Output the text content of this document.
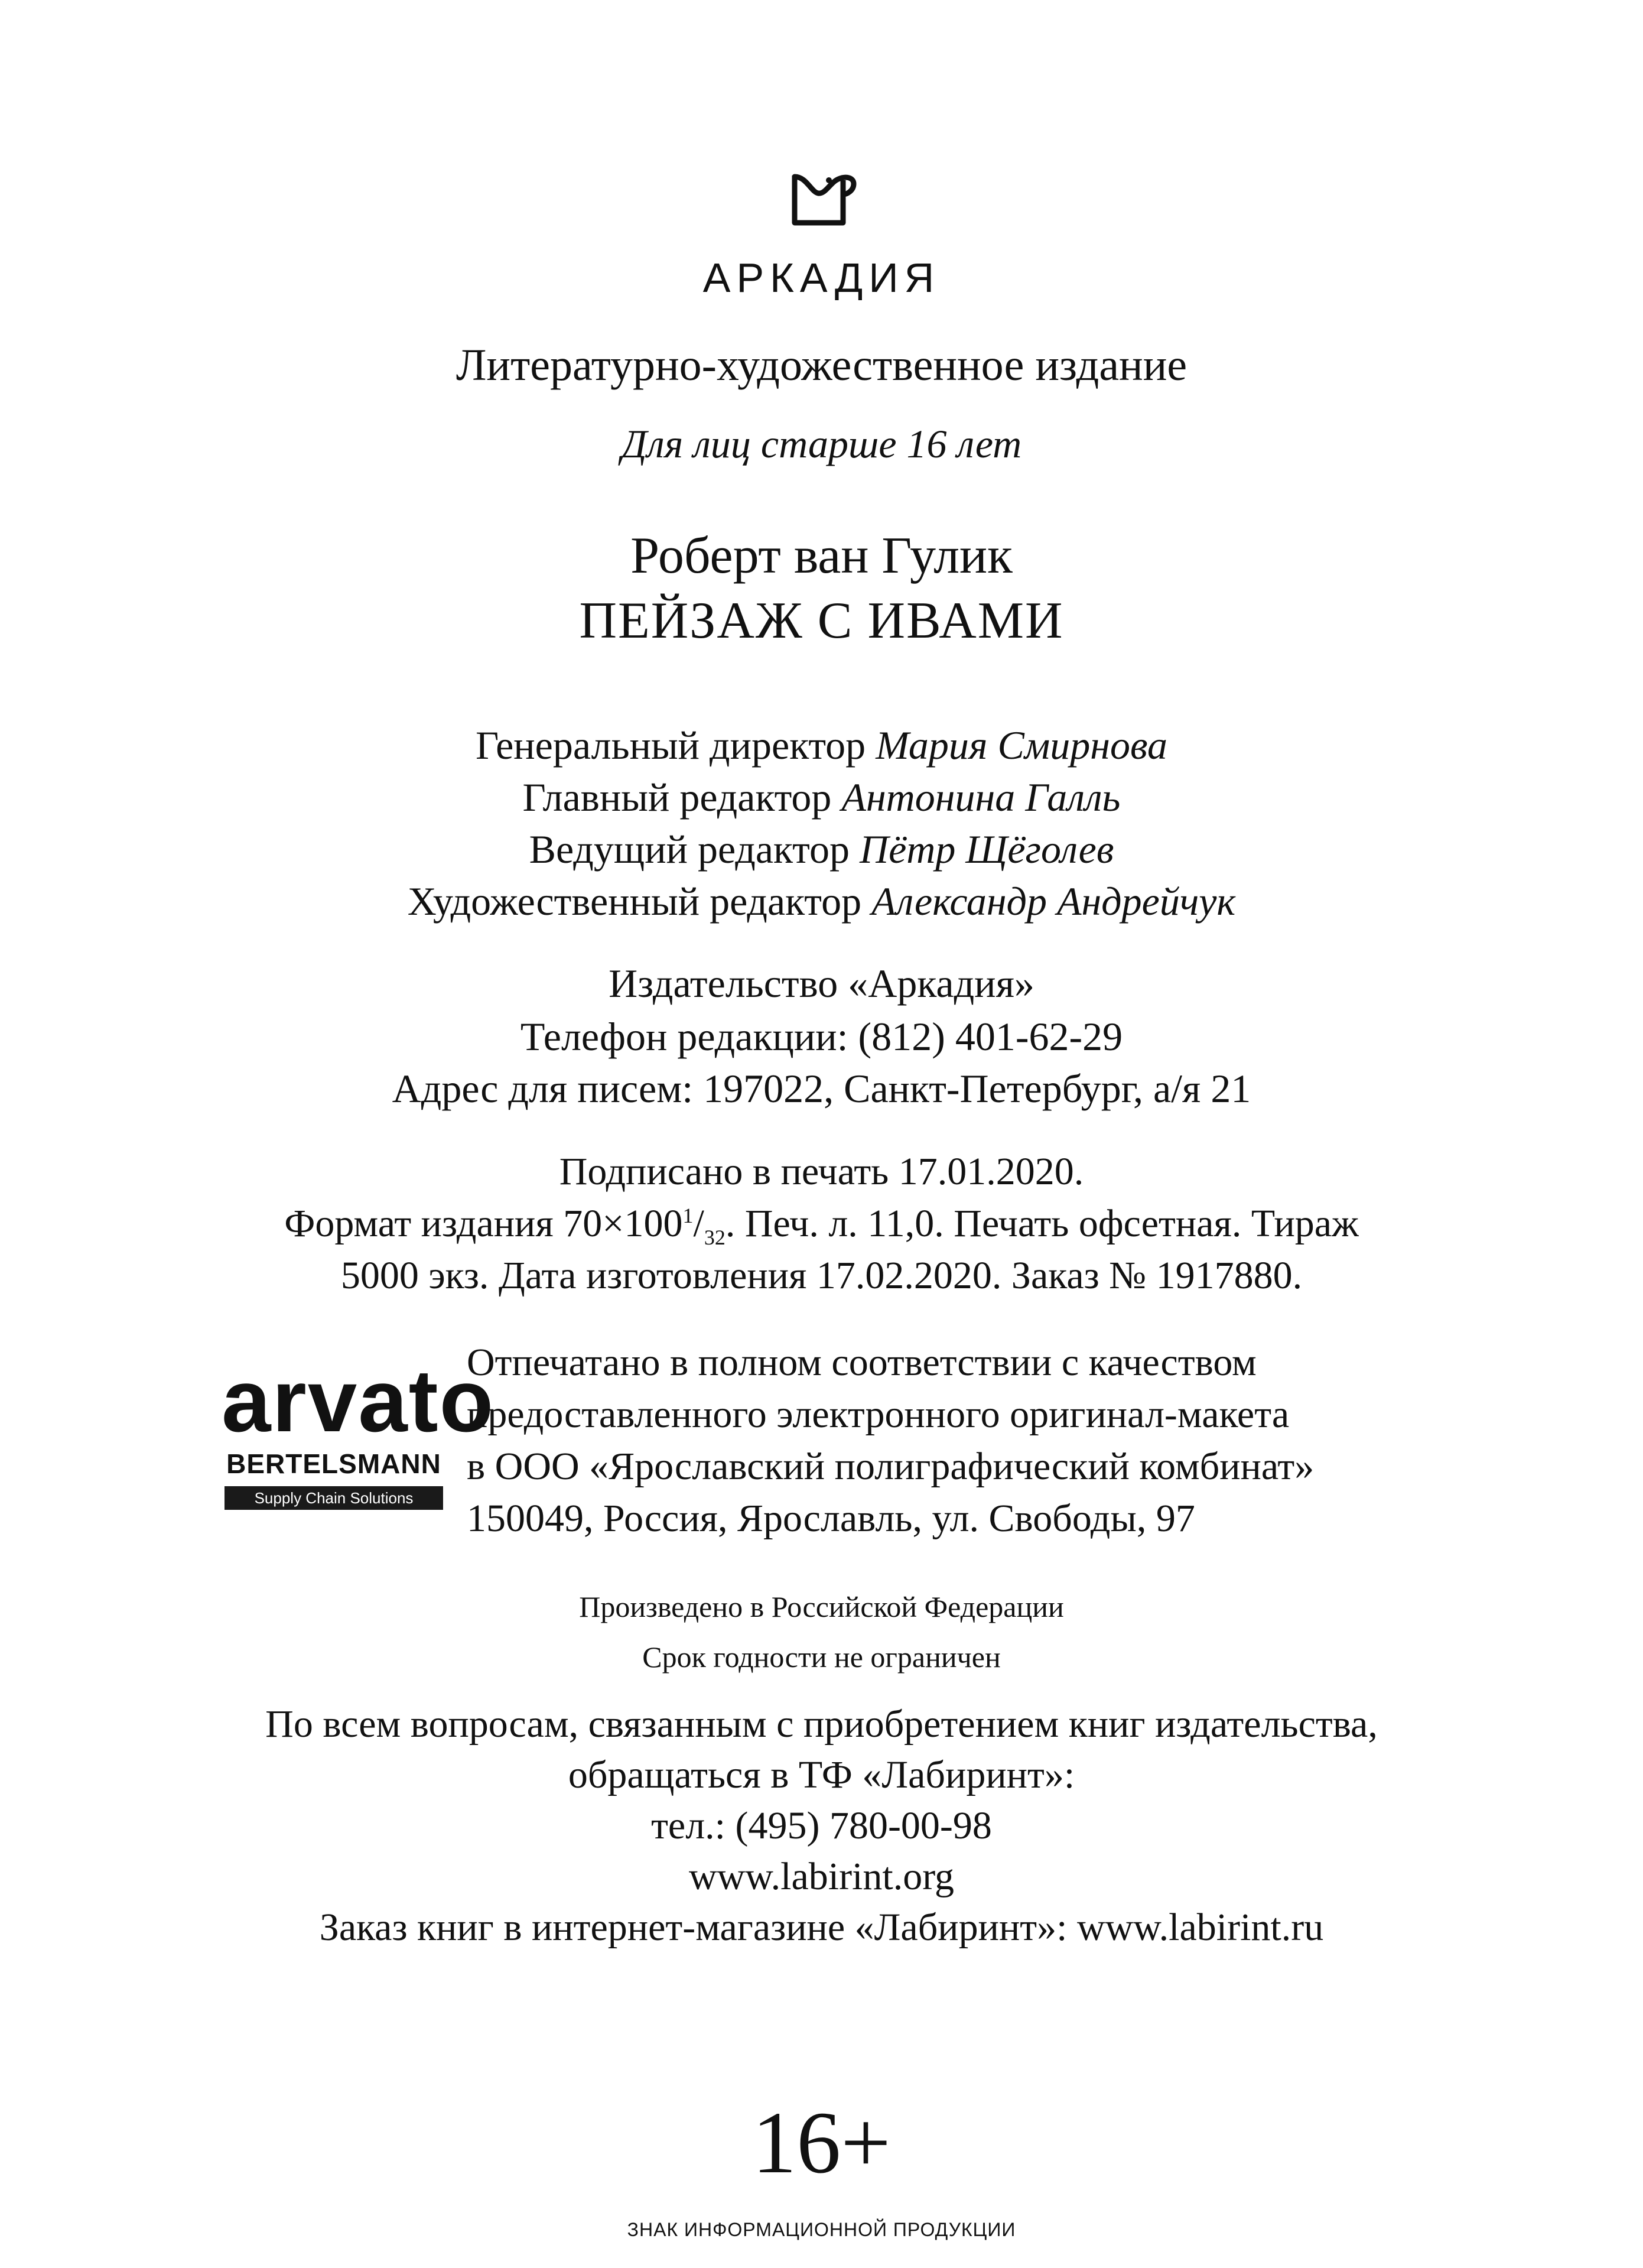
АРКАДИЯ
Литературно-художественное издание
Для лиц старше 16 лет
Роберт ван Гулик
ПЕЙЗАЖ С ИВАМИ
Генеральный директор Мария Смирнова
Главный редактор Антонина Галль
Ведущий редактор Пётр Щёголев
Художественный редактор Александр Андрейчук
Издательство «Аркадия»
Телефон редакции: (812) 401-62-29
Адрес для писем: 197022, Санкт-Петербург, а/я 21
Подписано в печать 17.01.2020.
Формат издания $70\times 100^1/_{32}$. Печ. л. 11,0. Печать офсетная. Тираж
5000 экз. Дата изготовления 17.02.2020. Заказ № 1917880.
arvato
BERTELSMANN
Supply Chain Solutions
Отпечатано в полном соответствии с качеством
предоставленного электронного оригинал-макета
в ООО «Ярославский полиграфический комбинат»
150049, Россия, Ярославль, ул. Свободы, 97
Произведено в Российской Федерации
Срок годности не ограничен
По всем вопросам, связанным с приобретением книг издательства,
обращаться в ТФ «Лабиринт»:
тел.: (495) 780-00-98
www.labirint.org
Заказ книг в интернет-магазине «Лабиринт»: www.labirint.ru
16+
ЗНАК ИНФОРМАЦИОННОЙ ПРОДУКЦИИ
